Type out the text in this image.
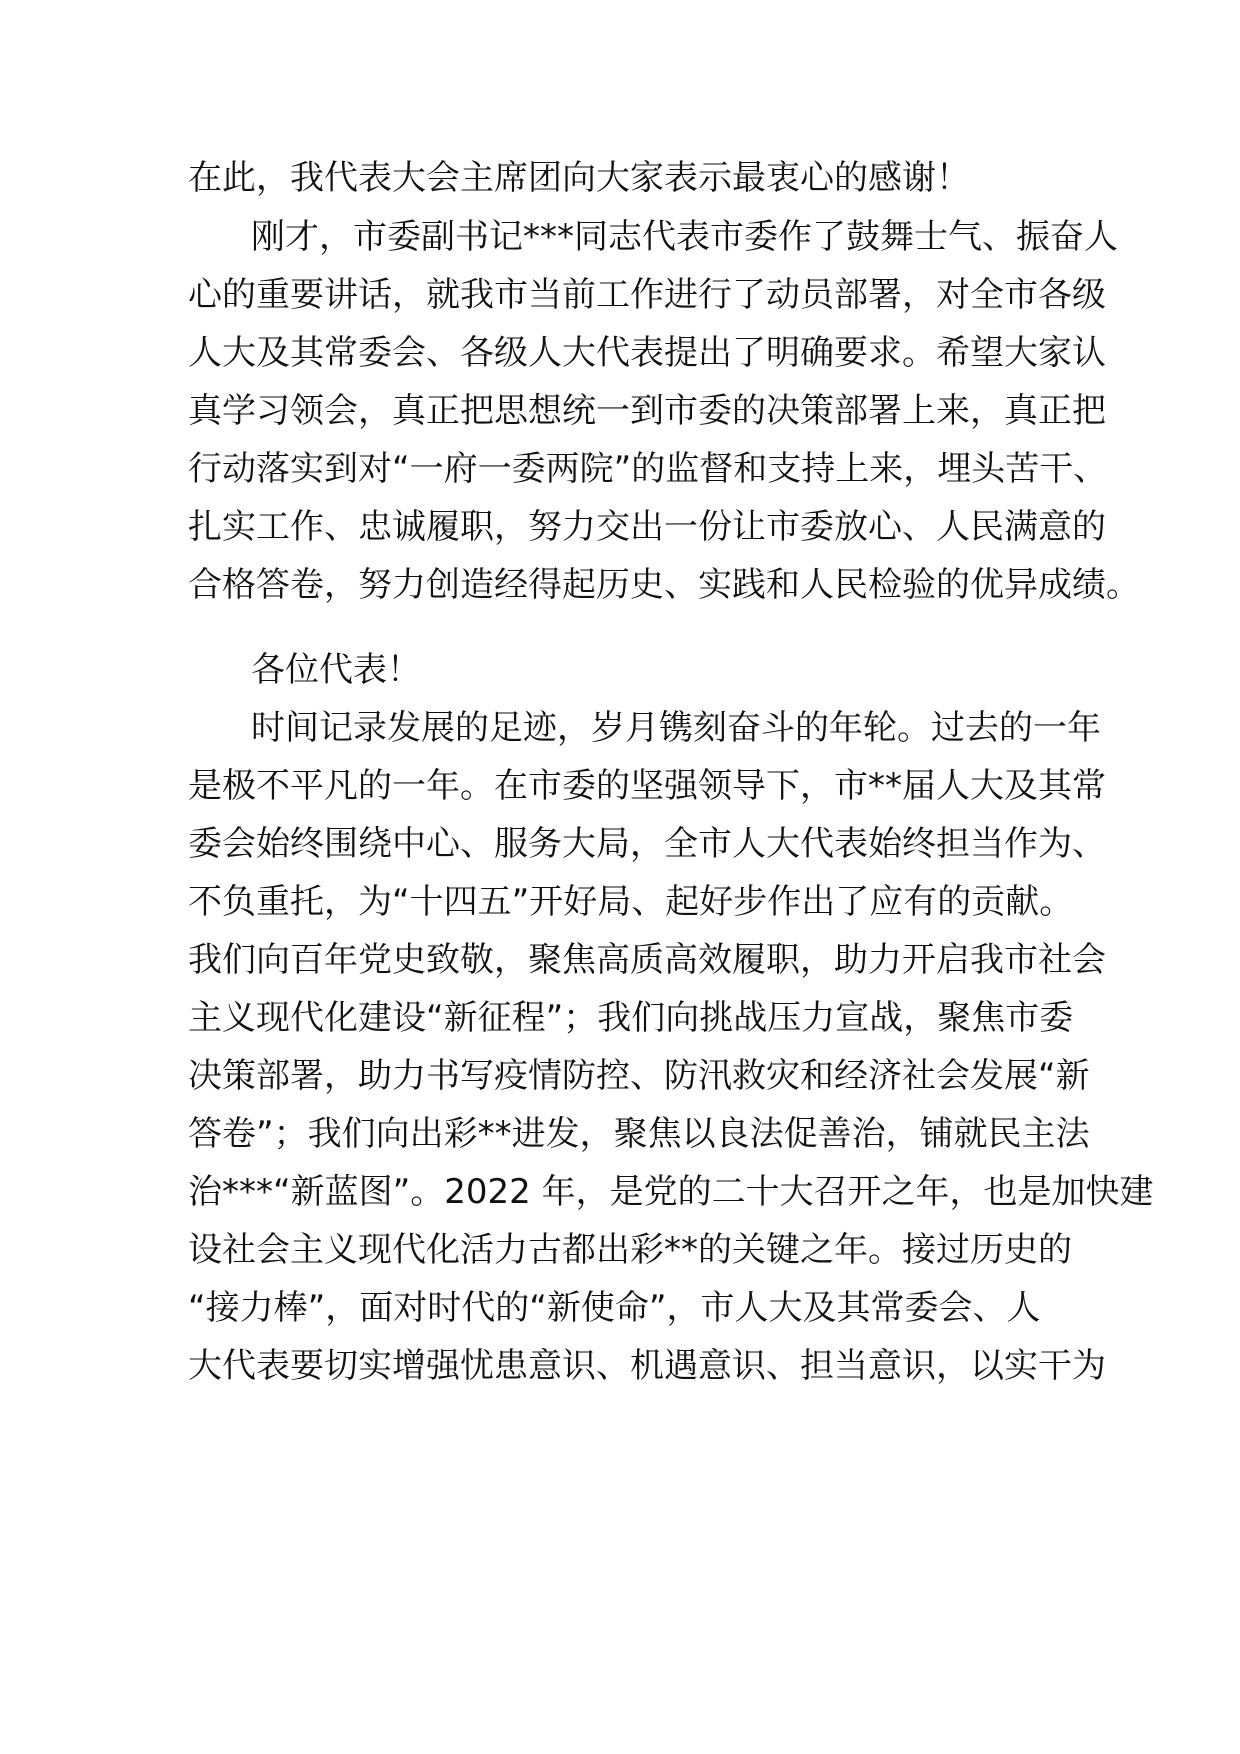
在此，我代表大会主席团向大家表示最衷心的感谢！
刚才，市委副书记***同志代表市委作了鼓舞士气、振奋人
心的重要讲话，就我市当前工作进行了动员部署，对全市各级
人大及其常委会、各级人大代表提出了明确要求。希望大家认
真学习领会，真正把思想统一到市委的决策部署上来，真正把
行动落实到对“一府一委两院”的监督和支持上来，埋头苦干、
扎实工作、忠诚履职，努力交出一份让市委放心、人民满意的
合格答卷，努力创造经得起历史、实践和人民检验的优异成绩。
各位代表！
时间记录发展的足迹，岁月镌刻奋斗的年轮。过去的一年
是极不平凡的一年。在市委的坚强领导下，市**届人大及其常
委会始终围绕中心、服务大局，全市人大代表始终担当作为、
不负重托，为“十四五”开好局、起好步作出了应有的贡献。
我们向百年党史致敬，聚焦高质高效履职，助力开启我市社会
主义现代化建设“新征程”；我们向挑战压力宣战，聚焦市委
决策部署，助力书写疫情防控、防汛救灾和经济社会发展“新
答卷”；我们向出彩**进发，聚焦以良法促善治，铺就民主法
治***“新蓝图”。2022 年，是党的二十大召开之年，也是加快建
设社会主义现代化活力古都出彩**的关键之年。接过历史的
“接力棒”，面对时代的“新使命”，市人大及其常委会、人
大代表要切实增强忧患意识、机遇意识、担当意识，以实干为
